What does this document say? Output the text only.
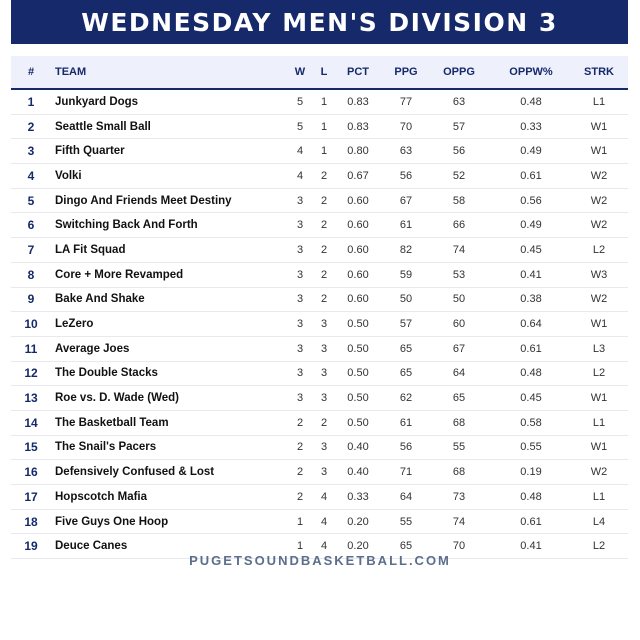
WEDNESDAY MEN'S DIVISION 3
#	TEAM	W	L	PCT	PPG	OPPG	OPPW%	STRK
1	Junkyard Dogs	5	1	0.83	77	63	0.48	L1
2	Seattle Small Ball	5	1	0.83	70	57	0.33	W1
3	Fifth Quarter	4	1	0.80	63	56	0.49	W1
4	Volki	4	2	0.67	56	52	0.61	W2
5	Dingo And Friends Meet Destiny	3	2	0.60	67	58	0.56	W2
6	Switching Back And Forth	3	2	0.60	61	66	0.49	W2
7	LA Fit Squad	3	2	0.60	82	74	0.45	L2
8	Core + More Revamped	3	2	0.60	59	53	0.41	W3
9	Bake And Shake	3	2	0.60	50	50	0.38	W2
10	LeZero	3	3	0.50	57	60	0.64	W1
11	Average Joes	3	3	0.50	65	67	0.61	L3
12	The Double Stacks	3	3	0.50	65	64	0.48	L2
13	Roe vs. D. Wade (Wed)	3	3	0.50	62	65	0.45	W1
14	The Basketball Team	2	2	0.50	61	68	0.58	L1
15	The Snail's Pacers	2	3	0.40	56	55	0.55	W1
16	Defensively Confused & Lost	2	3	0.40	71	68	0.19	W2
17	Hopscotch Mafia	2	4	0.33	64	73	0.48	L1
18	Five Guys One Hoop	1	4	0.20	55	74	0.61	L4
19	Deuce Canes	1	4	0.20	65	70	0.41	L2
PUGETSOUNDBASKETBALL.COM
